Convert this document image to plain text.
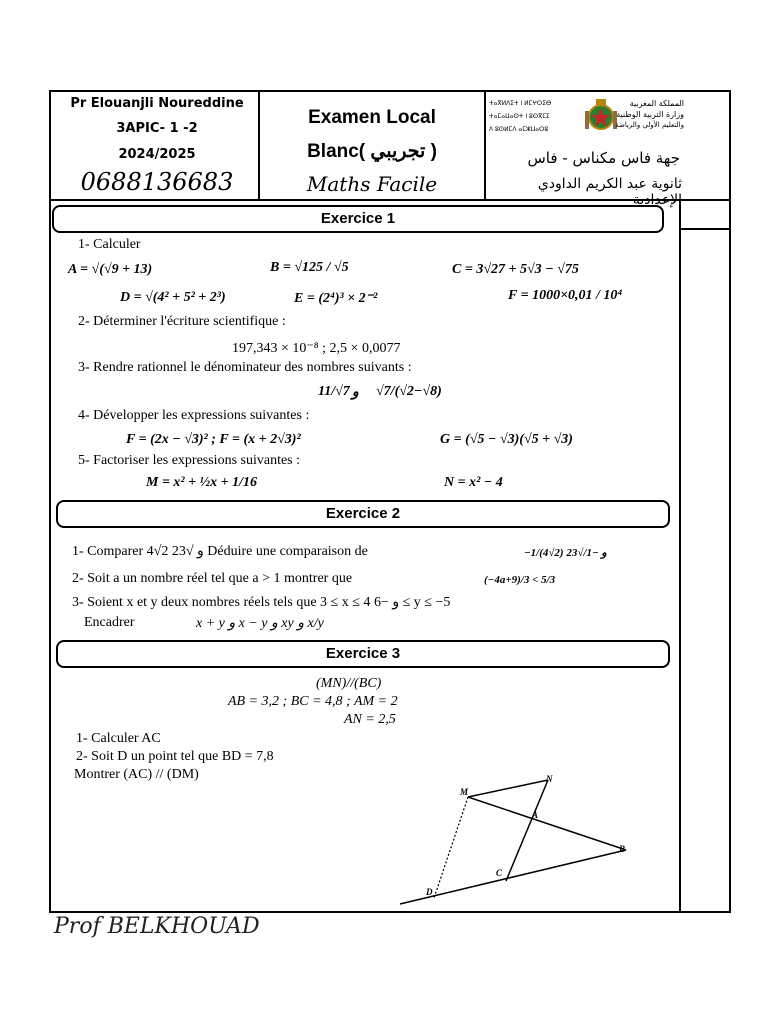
Pr Elouanjli Noureddine
3APIC- 1 -2
2024/2025
0688136683
Examen Local
Blanc( تجريبي )
Maths Facile
ⵜⴰⴳⵍⴷⵉⵜ ⵏ ⵍⵎⵖⵔⵉⴱ
ⵜⴰⵎⴰⵡⴰⵙⵜ ⵏ ⵓⵙⴳⵎⵉ
ⴷ ⵓⵙⵍⵎⴷ ⴰⵎⵣⵡⴰⵔⵓ
المملكة المغربية
وزارة التربية الوطنية
والتعليم الأولي والرياضة
جهة فاس مكناس - فاس
ثانوية عبد الكريم الداودي الإعدادية
Exercice 1
1- Calculer
A = √(√9 + 13)	B = √125 / √5	C = 3√27 + 5√3 − √75
D = √(4² + 5² + 2³)	E = (2⁴)³ × 2⁻²	F = 1000×0,01 / 10⁴
2- Déterminer l'écriture scientifique :
197,343 × 10⁻⁸ ; 2,5 × 0,0077
3- Rendre rationnel le dénominateur des nombres suivants :
11/√7 و √7/(√2−√8)
4- Développer les expressions suivantes :
F = (2x − √3)² ; F = (x + 2√3)²	G = (√5 − √3)(√5 + √3)
5- Factoriser les expressions suivantes :
M = x² + ½x + 1/16	N = x² − 4
Exercice 2
1- Comparer 4√2 و √23 Déduire une comparaison de	−1/(4√2) و −1/√23
2- Soit a un nombre réel tel que a > 1 montrer que	(−4a+9)/3 < 5/3
3- Soient x et y deux nombres réels tels que 3 ≤ x ≤ 4 و −6 ≤ y ≤ −5
Encadrer	x + y و x − y و xy و x/y
Exercice 3
(MN)//(BC)
AB = 3,2 ; BC = 4,8 ; AM = 2
AN = 2,5
1- Calculer AC
2- Soit D un point tel que BD = 7,8
Montrer (AC) // (DM)
M
N
A
B
C
D
Prof BELKHOUAD
